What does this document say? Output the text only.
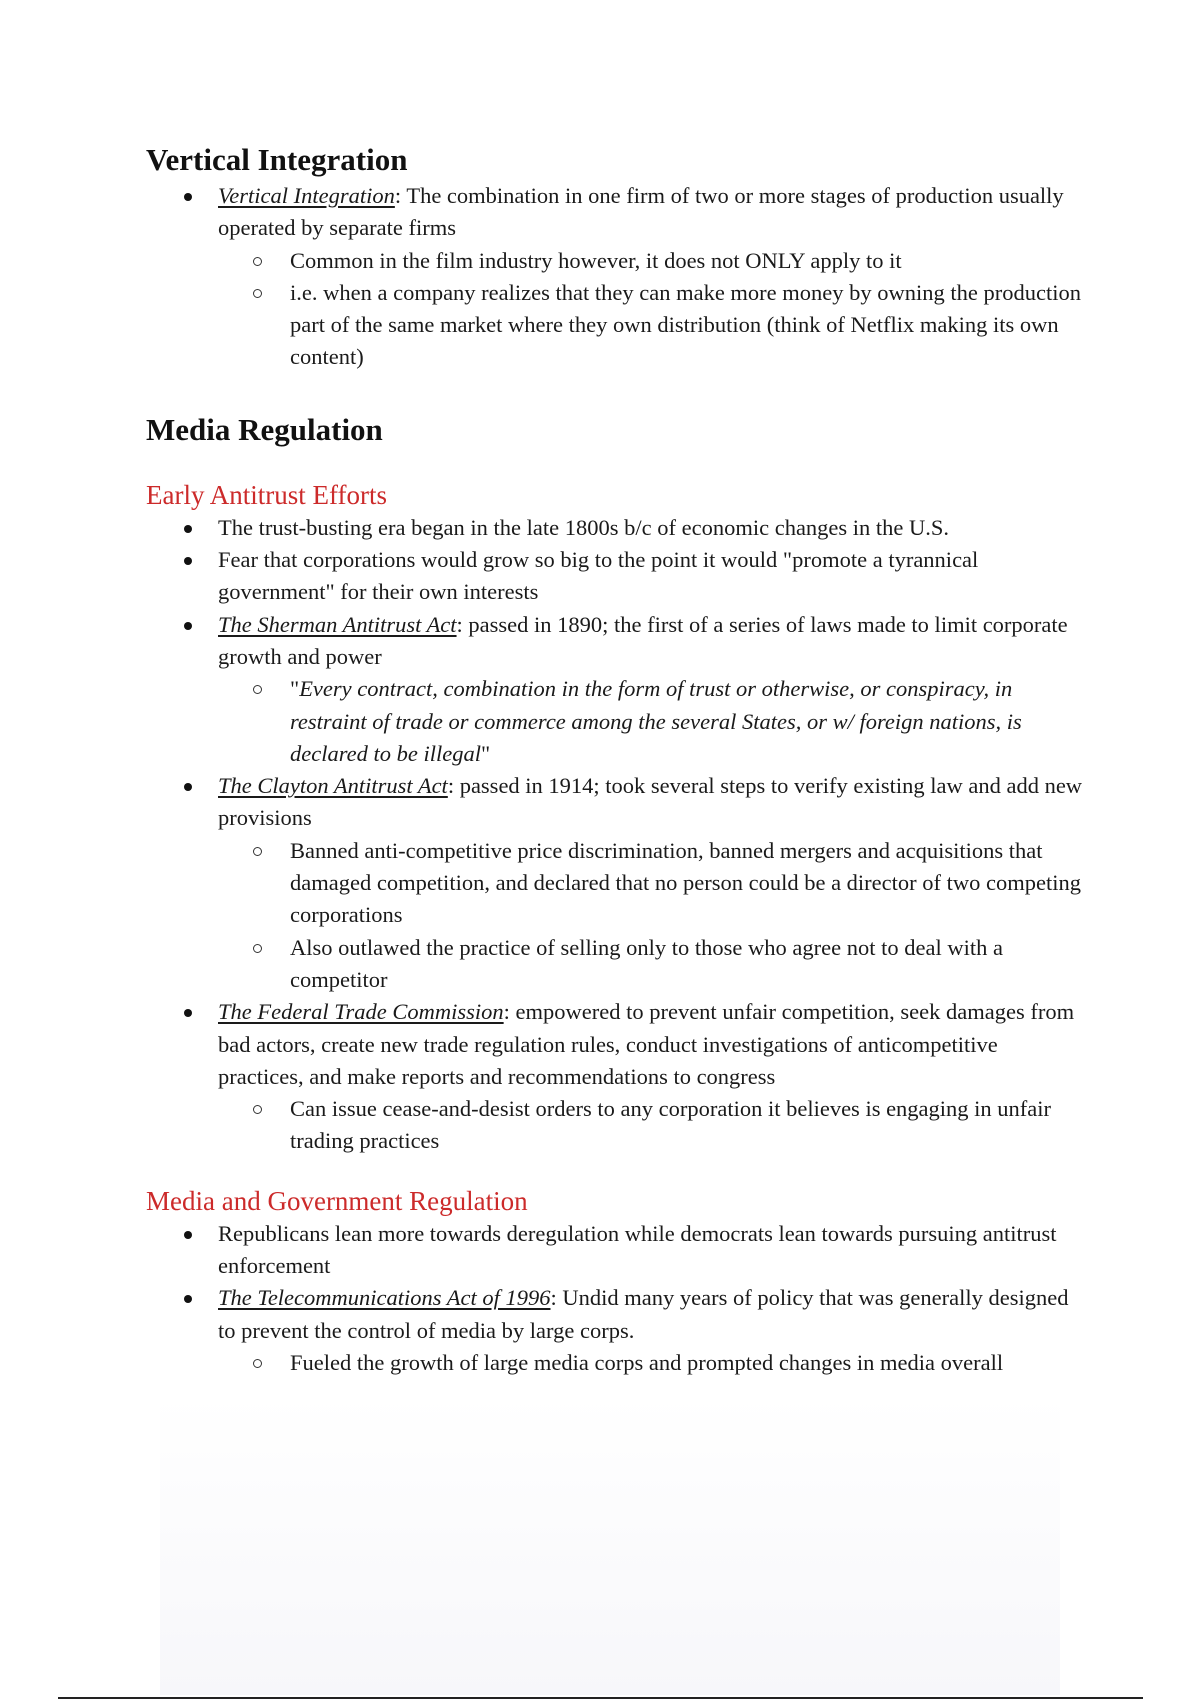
Vertical Integration
Vertical Integration: The combination in one firm of two or more stages of production usually operated by separate firms
Common in the film industry however, it does not ONLY apply to it
i.e. when a company realizes that they can make more money by owning the production part of the same market where they own distribution (think of Netflix making its own content)
Media Regulation
Early Antitrust Efforts
The trust-busting era began in the late 1800s b/c of economic changes in the U.S.
Fear that corporations would grow so big to the point it would "promote a tyrannical government" for their own interests
The Sherman Antitrust Act: passed in 1890; the first of a series of laws made to limit corporate growth and power
"Every contract, combination in the form of trust or otherwise, or conspiracy, in restraint of trade or commerce among the several States, or w/ foreign nations, is declared to be illegal"
The Clayton Antitrust Act: passed in 1914; took several steps to verify existing law and add new provisions
Banned anti-competitive price discrimination, banned mergers and acquisitions that damaged competition, and declared that no person could be a director of two competing corporations
Also outlawed the practice of selling only to those who agree not to deal with a competitor
The Federal Trade Commission: empowered to prevent unfair competition, seek damages from bad actors, create new trade regulation rules, conduct investigations of anticompetitive practices, and make reports and recommendations to congress
Can issue cease-and-desist orders to any corporation it believes is engaging in unfair trading practices
Media and Government Regulation
Republicans lean more towards deregulation while democrats lean towards pursuing antitrust enforcement
The Telecommunications Act of 1996: Undid many years of policy that was generally designed to prevent the control of media by large corps.
Fueled the growth of large media corps and prompted changes in media overall
